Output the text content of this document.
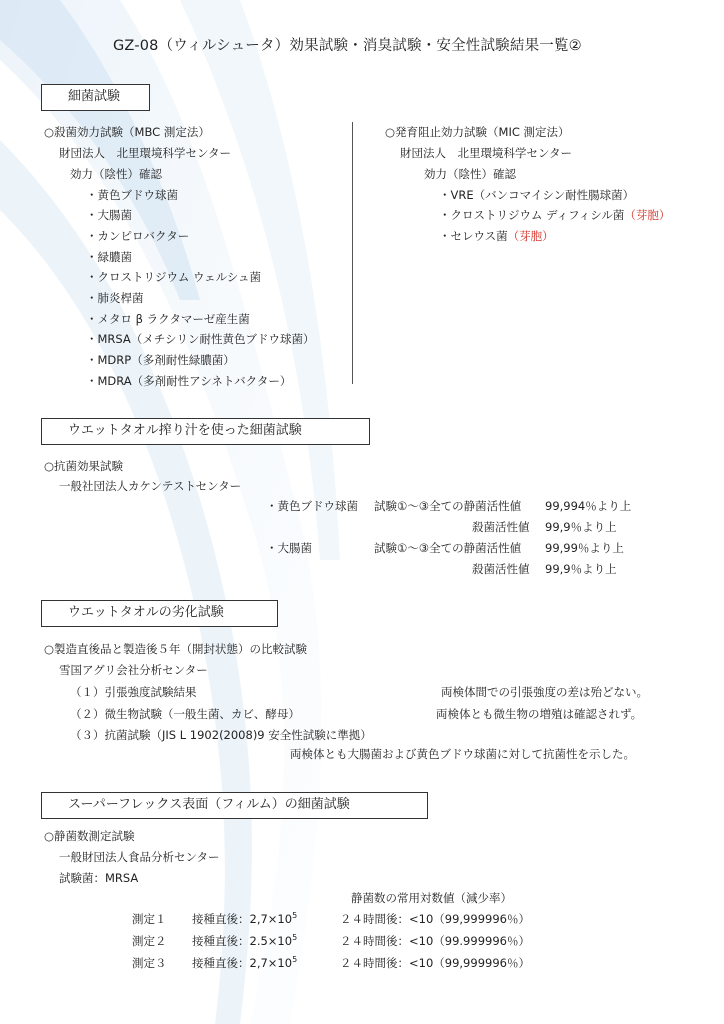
GZ-08（ウィルシュータ）効果試験・消臭試験・安全性試験結果一覧②
細菌試験
○殺菌効力試験（MBC 測定法）
財団法人　北里環境科学センター
効力（陰性）確認
・黄色ブドウ球菌
・大腸菌
・カンピロバクター
・緑膿菌
・クロストリジウム ウェルシュ菌
・肺炎桿菌
・メタロ β ラクタマーゼ産生菌
・MRSA（メチシリン耐性黄色ブドウ球菌）
・MDRP（多剤耐性緑膿菌）
・MDRA（多剤耐性アシネトバクター）
○発育阻止効力試験（MIC 測定法）
財団法人　北里環境科学センター
効力（陰性）確認
・VRE（バンコマイシン耐性腸球菌）
・クロストリジウム ディフィシル菌（芽胞）
・セレウス菌（芽胞）
ウエットタオル搾り汁を使った細菌試験
○抗菌効果試験
一般社団法人カケンテストセンター
・黄色ブドウ球菌 試験①～③全ての静菌活性値 99,994％より上
殺菌活性値 99,9％より上
・大腸菌	試験①～③全ての静菌活性値 99,99％より上
殺菌活性値 99,9％より上
ウエットタオルの劣化試験
○製造直後品と製造後５年（開封状態）の比較試験
雪国アグリ会社分析センター
（１）引張強度試験結果	両検体間での引張強度の差は殆どない。
（２）微生物試験（一般生菌、カビ、酵母）	両検体とも微生物の増殖は確認されず。
（３）抗菌試験（JIS L 1902(2008)9 安全性試験に準拠）
両検体とも大腸菌および黄色ブドウ球菌に対して抗菌性を示した。
スーパーフレックス表面（フィルム）の細菌試験
○静菌数測定試験
一般財団法人食品分析センター
試験菌：MRSA
静菌数の常用対数値（減少率）
測定１ 接種直後：$2,7\times 10^5$	２４時間後：<10（99,999996％）
測定２ 接種直後：$2.5\times 10^5$	２４時間後：<10（99.999996％）
測定３ 接種直後：$2,7\times 10^5$	２４時間後：<10（99,999996％）
